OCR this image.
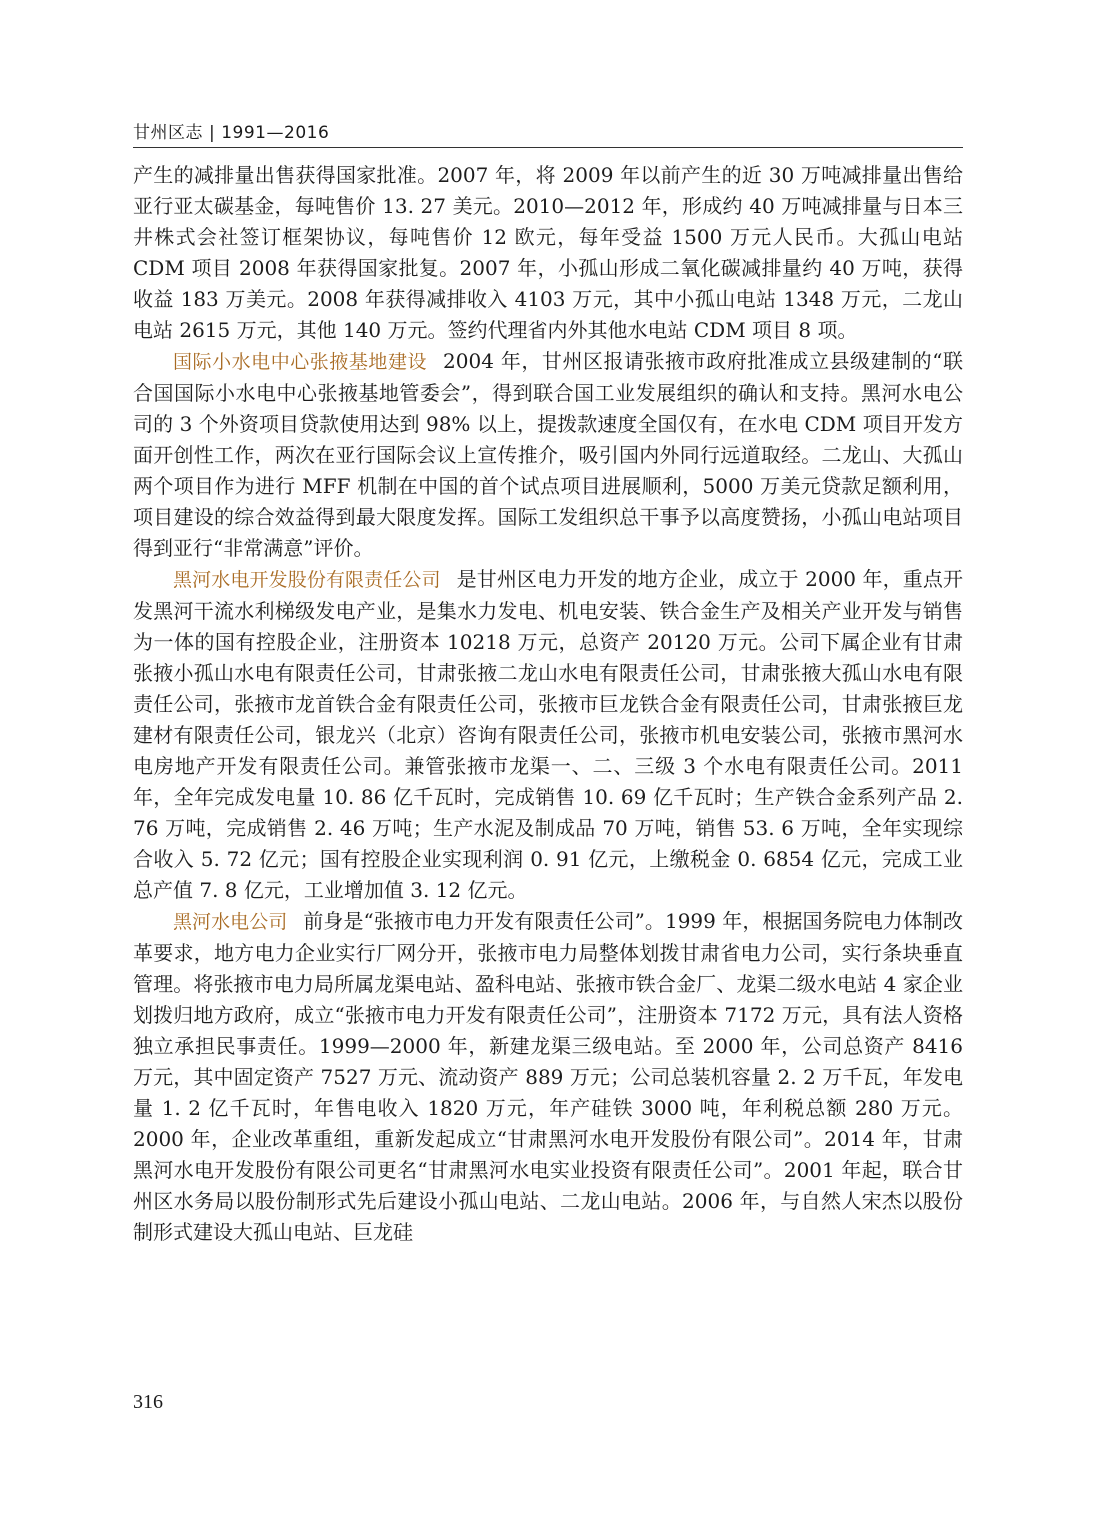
甘州区志 | 1991—2016

产生的减排量出售获得国家批准。2007 年，将 2009 年以前产生的近 30 万吨减排量出售给亚行亚太碳基金，每吨售价 13. 27 美元。2010—2012 年，形成约 40 万吨减排量与日本三井株式会社签订框架协议，每吨售价 12 欧元，每年受益 1500 万元人民币。大孤山电站 CDM 项目 2008 年获得国家批复。2007 年，小孤山形成二氧化碳减排量约 40 万吨，获得收益 183 万美元。2008 年获得减排收入 4103 万元，其中小孤山电站 1348 万元，二龙山电站 2615 万元，其他 140 万元。签约代理省内外其他水电站 CDM 项目 8 项。

国际小水电中心张掖基地建设 2004 年，甘州区报请张掖市政府批准成立县级建制的“联合国国际小水电中心张掖基地管委会”，得到联合国工业发展组织的确认和支持。黑河水电公司的 3 个外资项目贷款使用达到 98% 以上，提拨款速度全国仅有，在水电 CDM 项目开发方面开创性工作，两次在亚行国际会议上宣传推介，吸引国内外同行远道取经。二龙山、大孤山两个项目作为进行 MFF 机制在中国的首个试点项目进展顺利，5000 万美元贷款足额利用，项目建设的综合效益得到最大限度发挥。国际工发组织总干事予以高度赞扬，小孤山电站项目得到亚行“非常满意”评价。

黑河水电开发股份有限责任公司 是甘州区电力开发的地方企业，成立于 2000 年，重点开发黑河干流水利梯级发电产业，是集水力发电、机电安装、铁合金生产及相关产业开发与销售为一体的国有控股企业，注册资本 10218 万元，总资产 20120 万元。公司下属企业有甘肃张掖小孤山水电有限责任公司，甘肃张掖二龙山水电有限责任公司，甘肃张掖大孤山水电有限责任公司，张掖市龙首铁合金有限责任公司，张掖市巨龙铁合金有限责任公司，甘肃张掖巨龙建材有限责任公司，银龙兴（北京）咨询有限责任公司，张掖市机电安装公司，张掖市黑河水电房地产开发有限责任公司。兼管张掖市龙渠一、二、三级 3 个水电有限责任公司。2011 年，全年完成发电量 10. 86 亿千瓦时，完成销售 10. 69 亿千瓦时；生产铁合金系列产品 2. 76 万吨，完成销售 2. 46 万吨；生产水泥及制成品 70 万吨，销售 53. 6 万吨，全年实现综合收入 5. 72 亿元；国有控股企业实现利润 0. 91 亿元，上缴税金 0. 6854 亿元，完成工业总产值 7. 8 亿元，工业增加值 3. 12 亿元。

黑河水电公司 前身是“张掖市电力开发有限责任公司”。1999 年，根据国务院电力体制改革要求，地方电力企业实行厂网分开，张掖市电力局整体划拨甘肃省电力公司，实行条块垂直管理。将张掖市电力局所属龙渠电站、盈科电站、张掖市铁合金厂、龙渠二级水电站 4 家企业划拨归地方政府，成立“张掖市电力开发有限责任公司”，注册资本 7172 万元，具有法人资格独立承担民事责任。1999—2000 年，新建龙渠三级电站。至 2000 年，公司总资产 8416 万元，其中固定资产 7527 万元、流动资产 889 万元；公司总装机容量 2. 2 万千瓦，年发电量 1. 2 亿千瓦时，年售电收入 1820 万元，年产硅铁 3000 吨，年利税总额 280 万元。2000 年，企业改革重组，重新发起成立“甘肃黑河水电开发股份有限公司”。2014 年，甘肃黑河水电开发股份有限公司更名“甘肃黑河水电实业投资有限责任公司”。2001 年起，联合甘州区水务局以股份制形式先后建设小孤山电站、二龙山电站。2006 年，与自然人宋杰以股份制形式建设大孤山电站、巨龙硅

316
